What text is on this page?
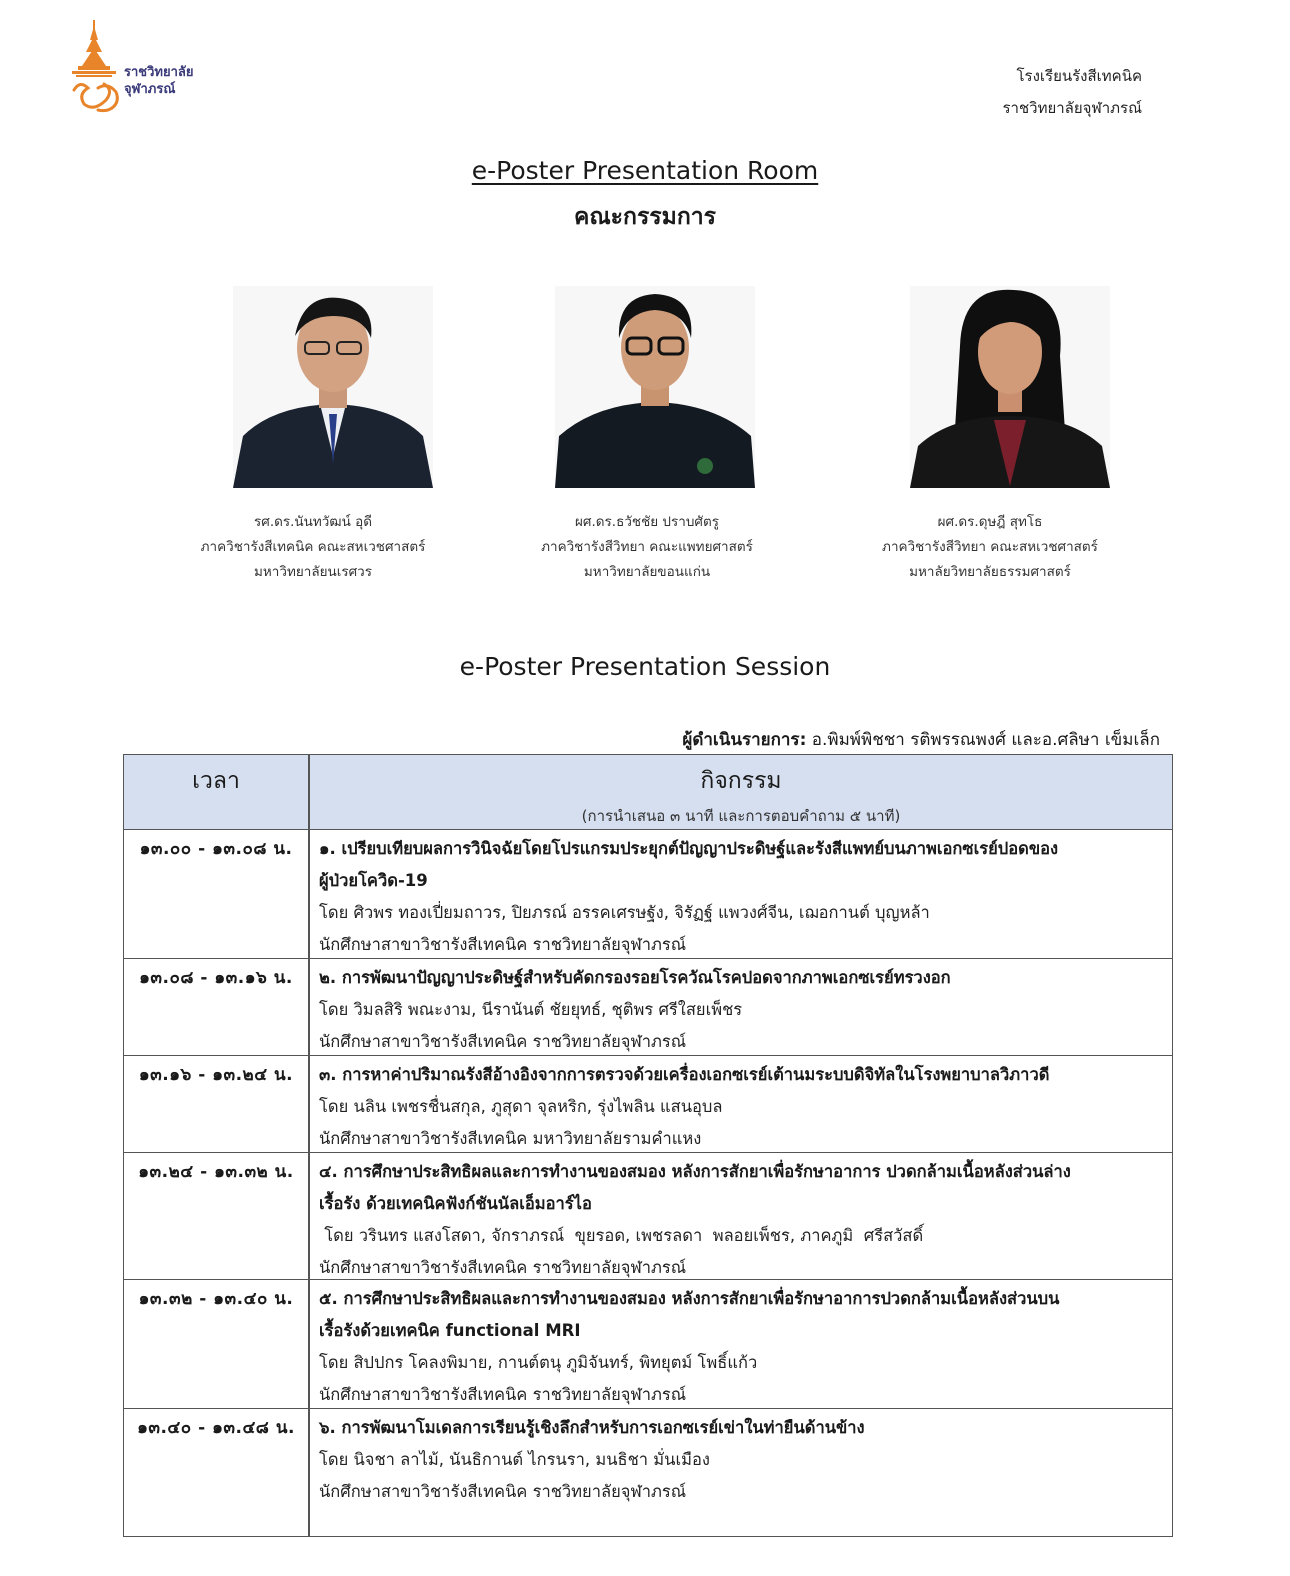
ราชวิทยาลัย
จุฬาภรณ์
โรงเรียนรังสีเทคนิค
ราชวิทยาลัยจุฬาภรณ์
e-Poster Presentation Room
คณะกรรมการ
รศ.ดร.นันทวัฒน์ อุดี
ภาควิชารังสีเทคนิค คณะสหเวชศาสตร์
มหาวิทยาลัยนเรศวร
ผศ.ดร.ธวัชชัย ปราบศัตรู
ภาควิชารังสีวิทยา คณะแพทยศาสตร์
มหาวิทยาลัยขอนแก่น
ผศ.ดร.ดุษฎี สุทโธ
ภาควิชารังสีวิทยา คณะสหเวชศาสตร์
มหาลัยวิทยาลัยธรรมศาสตร์
e-Poster Presentation Session
ผู้ดำเนินรายการ: อ.พิมพ์พิชชา รติพรรณพงศ์ และอ.ศลิษา เข็มเล็ก
เวลา	กิจกรรม
(การนำเสนอ ๓ นาที และการตอบคำถาม ๕ นาที)
๑๓.๐๐ - ๑๓.๐๘ น.	๑. เปรียบเทียบผลการวินิจฉัยโดยโปรแกรมประยุกต์ปัญญาประดิษฐ์และรังสีแพทย์บนภาพเอกซเรย์ปอดของ
ผู้ป่วยโควิด-19
โดย ศิวพร ทองเปี่ยมถาวร, ปิยภรณ์ อรรคเศรษฐัง, จิรัฏฐ์ แพวงศ์จีน, เฌอกานต์ บุญหล้า
นักศึกษาสาขาวิชารังสีเทคนิค ราชวิทยาลัยจุฬาภรณ์
๑๓.๐๘ - ๑๓.๑๖ น.	๒. การพัฒนาปัญญาประดิษฐ์สำหรับคัดกรองรอยโรควัณโรคปอดจากภาพเอกซเรย์ทรวงอก
โดย วิมลสิริ พณะงาม, นีรานันต์ ชัยยุทธ์, ชุติพร ศรีใสยเพ็ชร
นักศึกษาสาขาวิชารังสีเทคนิค ราชวิทยาลัยจุฬาภรณ์
๑๓.๑๖ - ๑๓.๒๔ น.	๓. การหาค่าปริมาณรังสีอ้างอิงจากการตรวจด้วยเครื่องเอกซเรย์เต้านมระบบดิจิทัลในโรงพยาบาลวิภาวดี
โดย นลิน เพชรชื่นสกุล, ภูสุดา จุลหริก, รุ่งไพลิน แสนอุบล
นักศึกษาสาขาวิชารังสีเทคนิค มหาวิทยาลัยรามคำแหง
๑๓.๒๔ - ๑๓.๓๒ น.	๔. การศึกษาประสิทธิผลและการทำงานของสมอง หลังการสักยาเพื่อรักษาอาการ ปวดกล้ามเนื้อหลังส่วนล่าง
เรื้อรัง ด้วยเทคนิคฟังก์ชันนัลเอ็มอาร์ไอ
โดย วรินทร แสงโสดา, จักราภรณ์  ขุยรอด, เพชรลดา  พลอยเพ็ชร, ภาคภูมิ  ศรีสวัสดิ์
นักศึกษาสาขาวิชารังสีเทคนิค ราชวิทยาลัยจุฬาภรณ์
๑๓.๓๒ - ๑๓.๔๐ น.	๕. การศึกษาประสิทธิผลและการทำงานของสมอง หลังการสักยาเพื่อรักษาอาการปวดกล้ามเนื้อหลังส่วนบน
เรื้อรังด้วยเทคนิค functional MRI
โดย สิปปกร โคลงพิมาย, กานต์ตนุ ภูมิจันทร์, พิทยุตม์ โพธิ์แก้ว
นักศึกษาสาขาวิชารังสีเทคนิค ราชวิทยาลัยจุฬาภรณ์
๑๓.๔๐ - ๑๓.๔๘ น.	๖. การพัฒนาโมเดลการเรียนรู้เชิงลึกสำหรับการเอกซเรย์เข่าในท่ายืนด้านข้าง
โดย นิจชา ลาไม้, นันธิกานต์ ไกรนรา, มนธิชา มั่นเมือง
นักศึกษาสาขาวิชารังสีเทคนิค ราชวิทยาลัยจุฬาภรณ์
